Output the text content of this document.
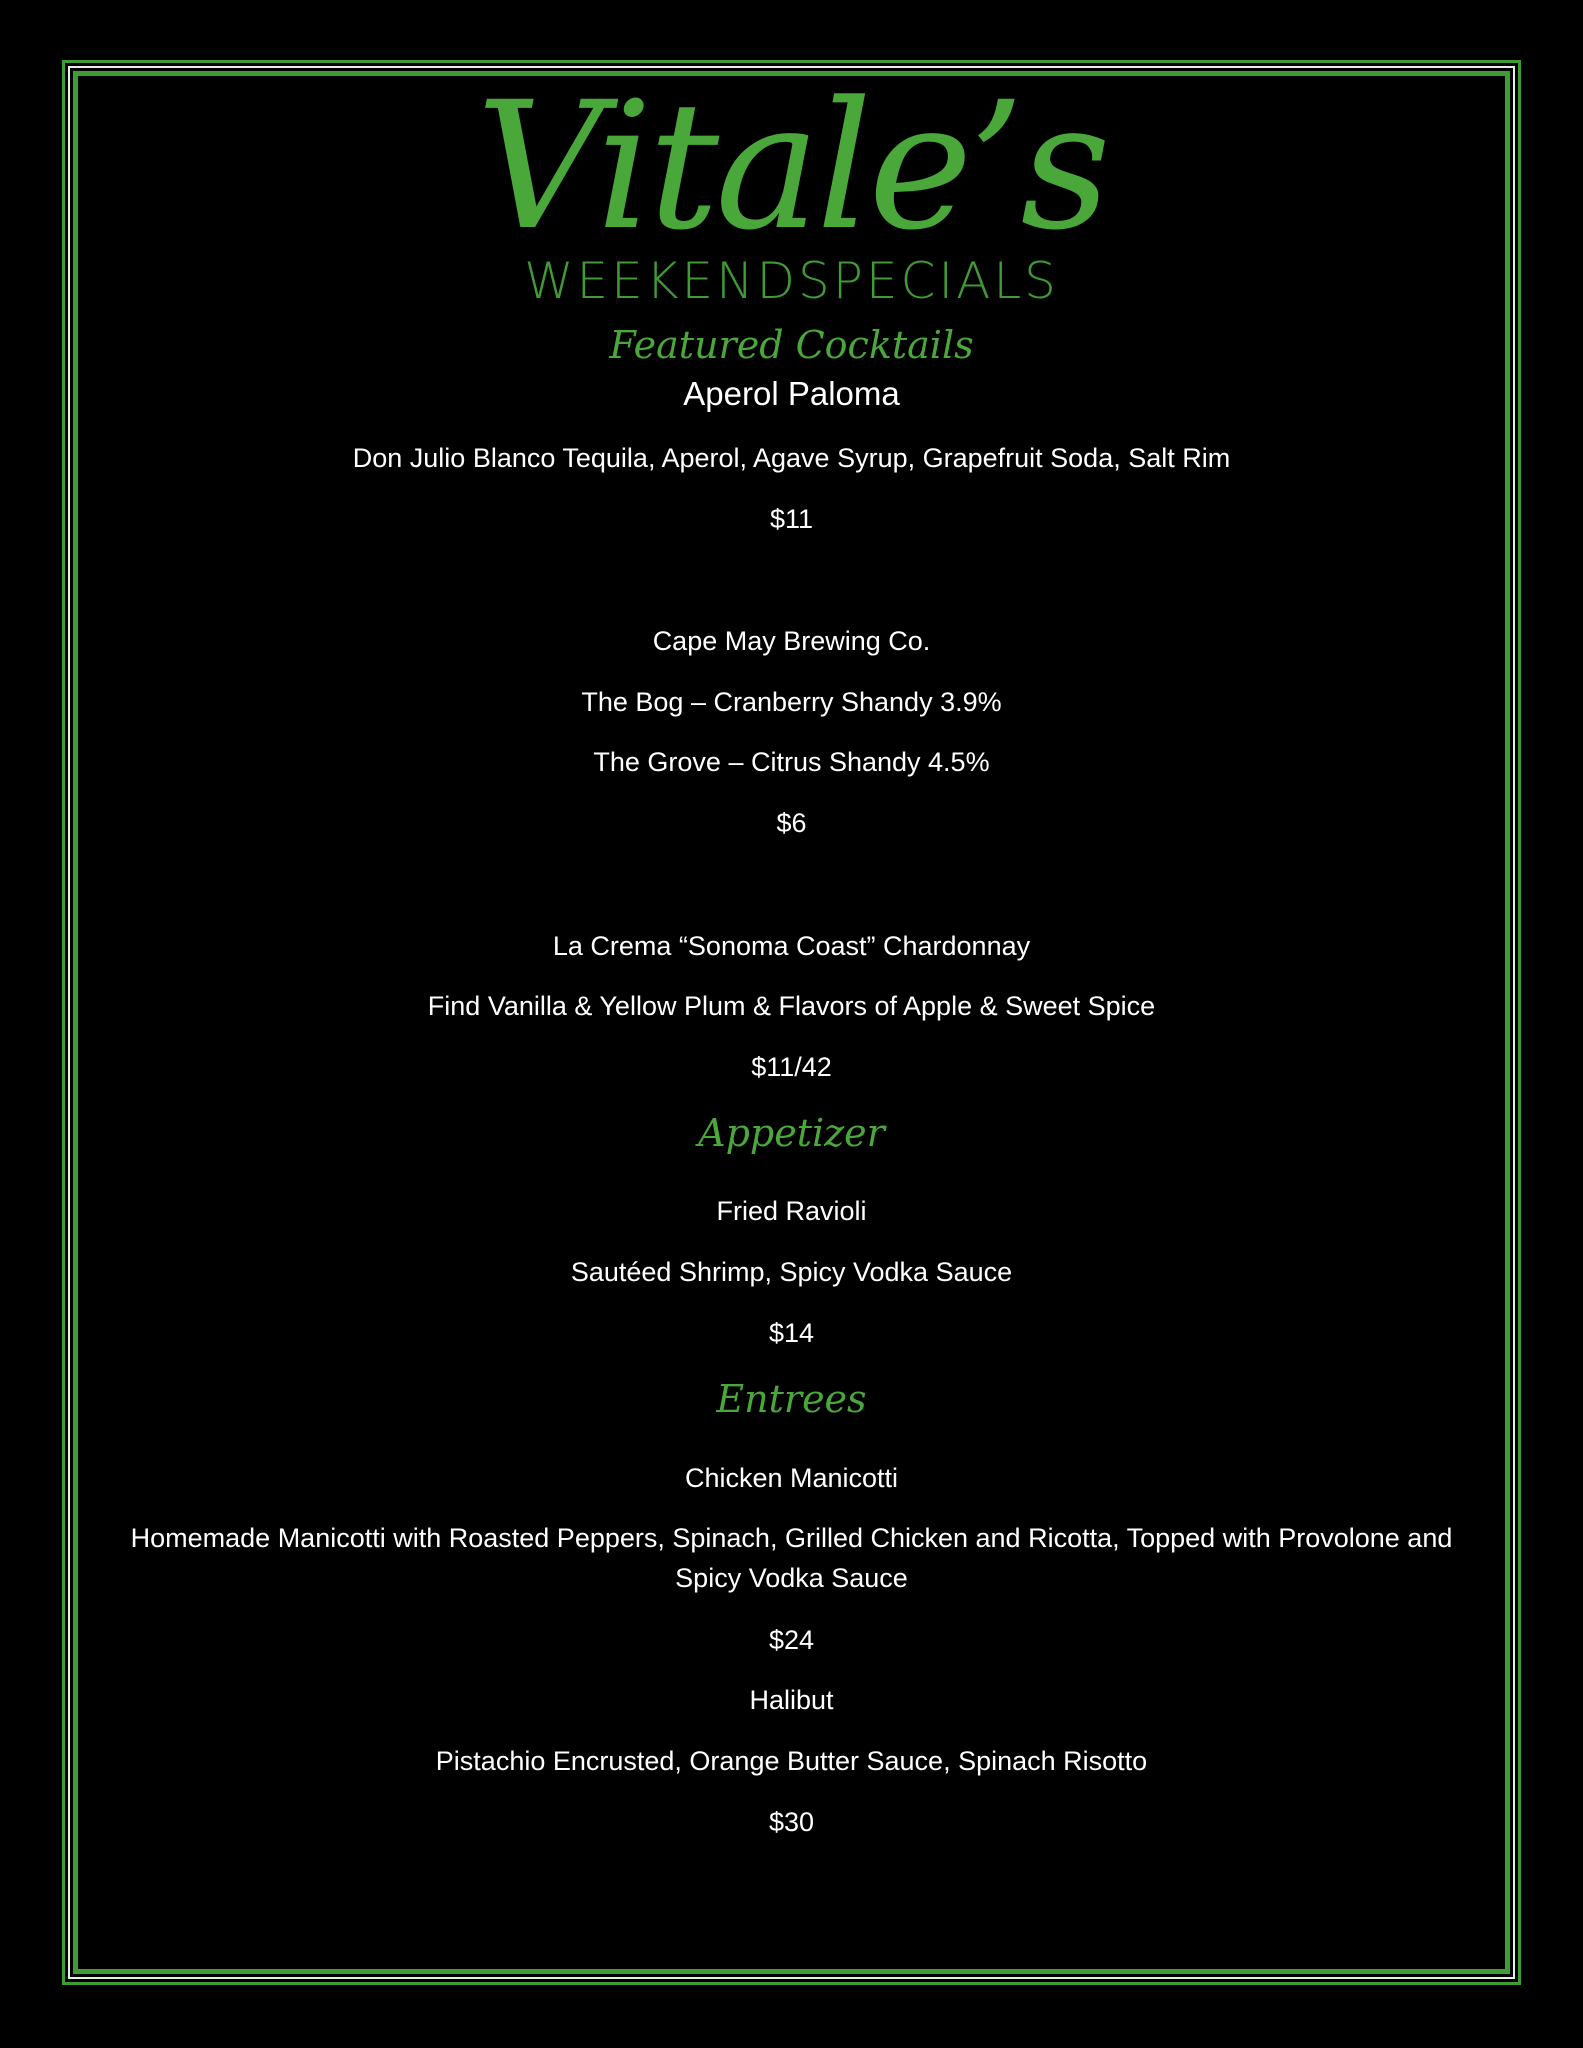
Vitale’s
WEEKENDSPECIALS
Featured Cocktails
Aperol Paloma
Don Julio Blanco Tequila, Aperol, Agave Syrup, Grapefruit Soda, Salt Rim
$11
Cape May Brewing Co.
The Bog – Cranberry Shandy 3.9%
The Grove – Citrus Shandy 4.5%
$6
La Crema “Sonoma Coast” Chardonnay
Find Vanilla & Yellow Plum & Flavors of Apple & Sweet Spice
$11/42
Appetizer
Fried Ravioli
Sautéed Shrimp, Spicy Vodka Sauce
$14
Entrees
Chicken Manicotti
Homemade Manicotti with Roasted Peppers, Spinach, Grilled Chicken and Ricotta, Topped with Provolone and Spicy Vodka Sauce
$24
Halibut
Pistachio Encrusted, Orange Butter Sauce, Spinach Risotto
$30
